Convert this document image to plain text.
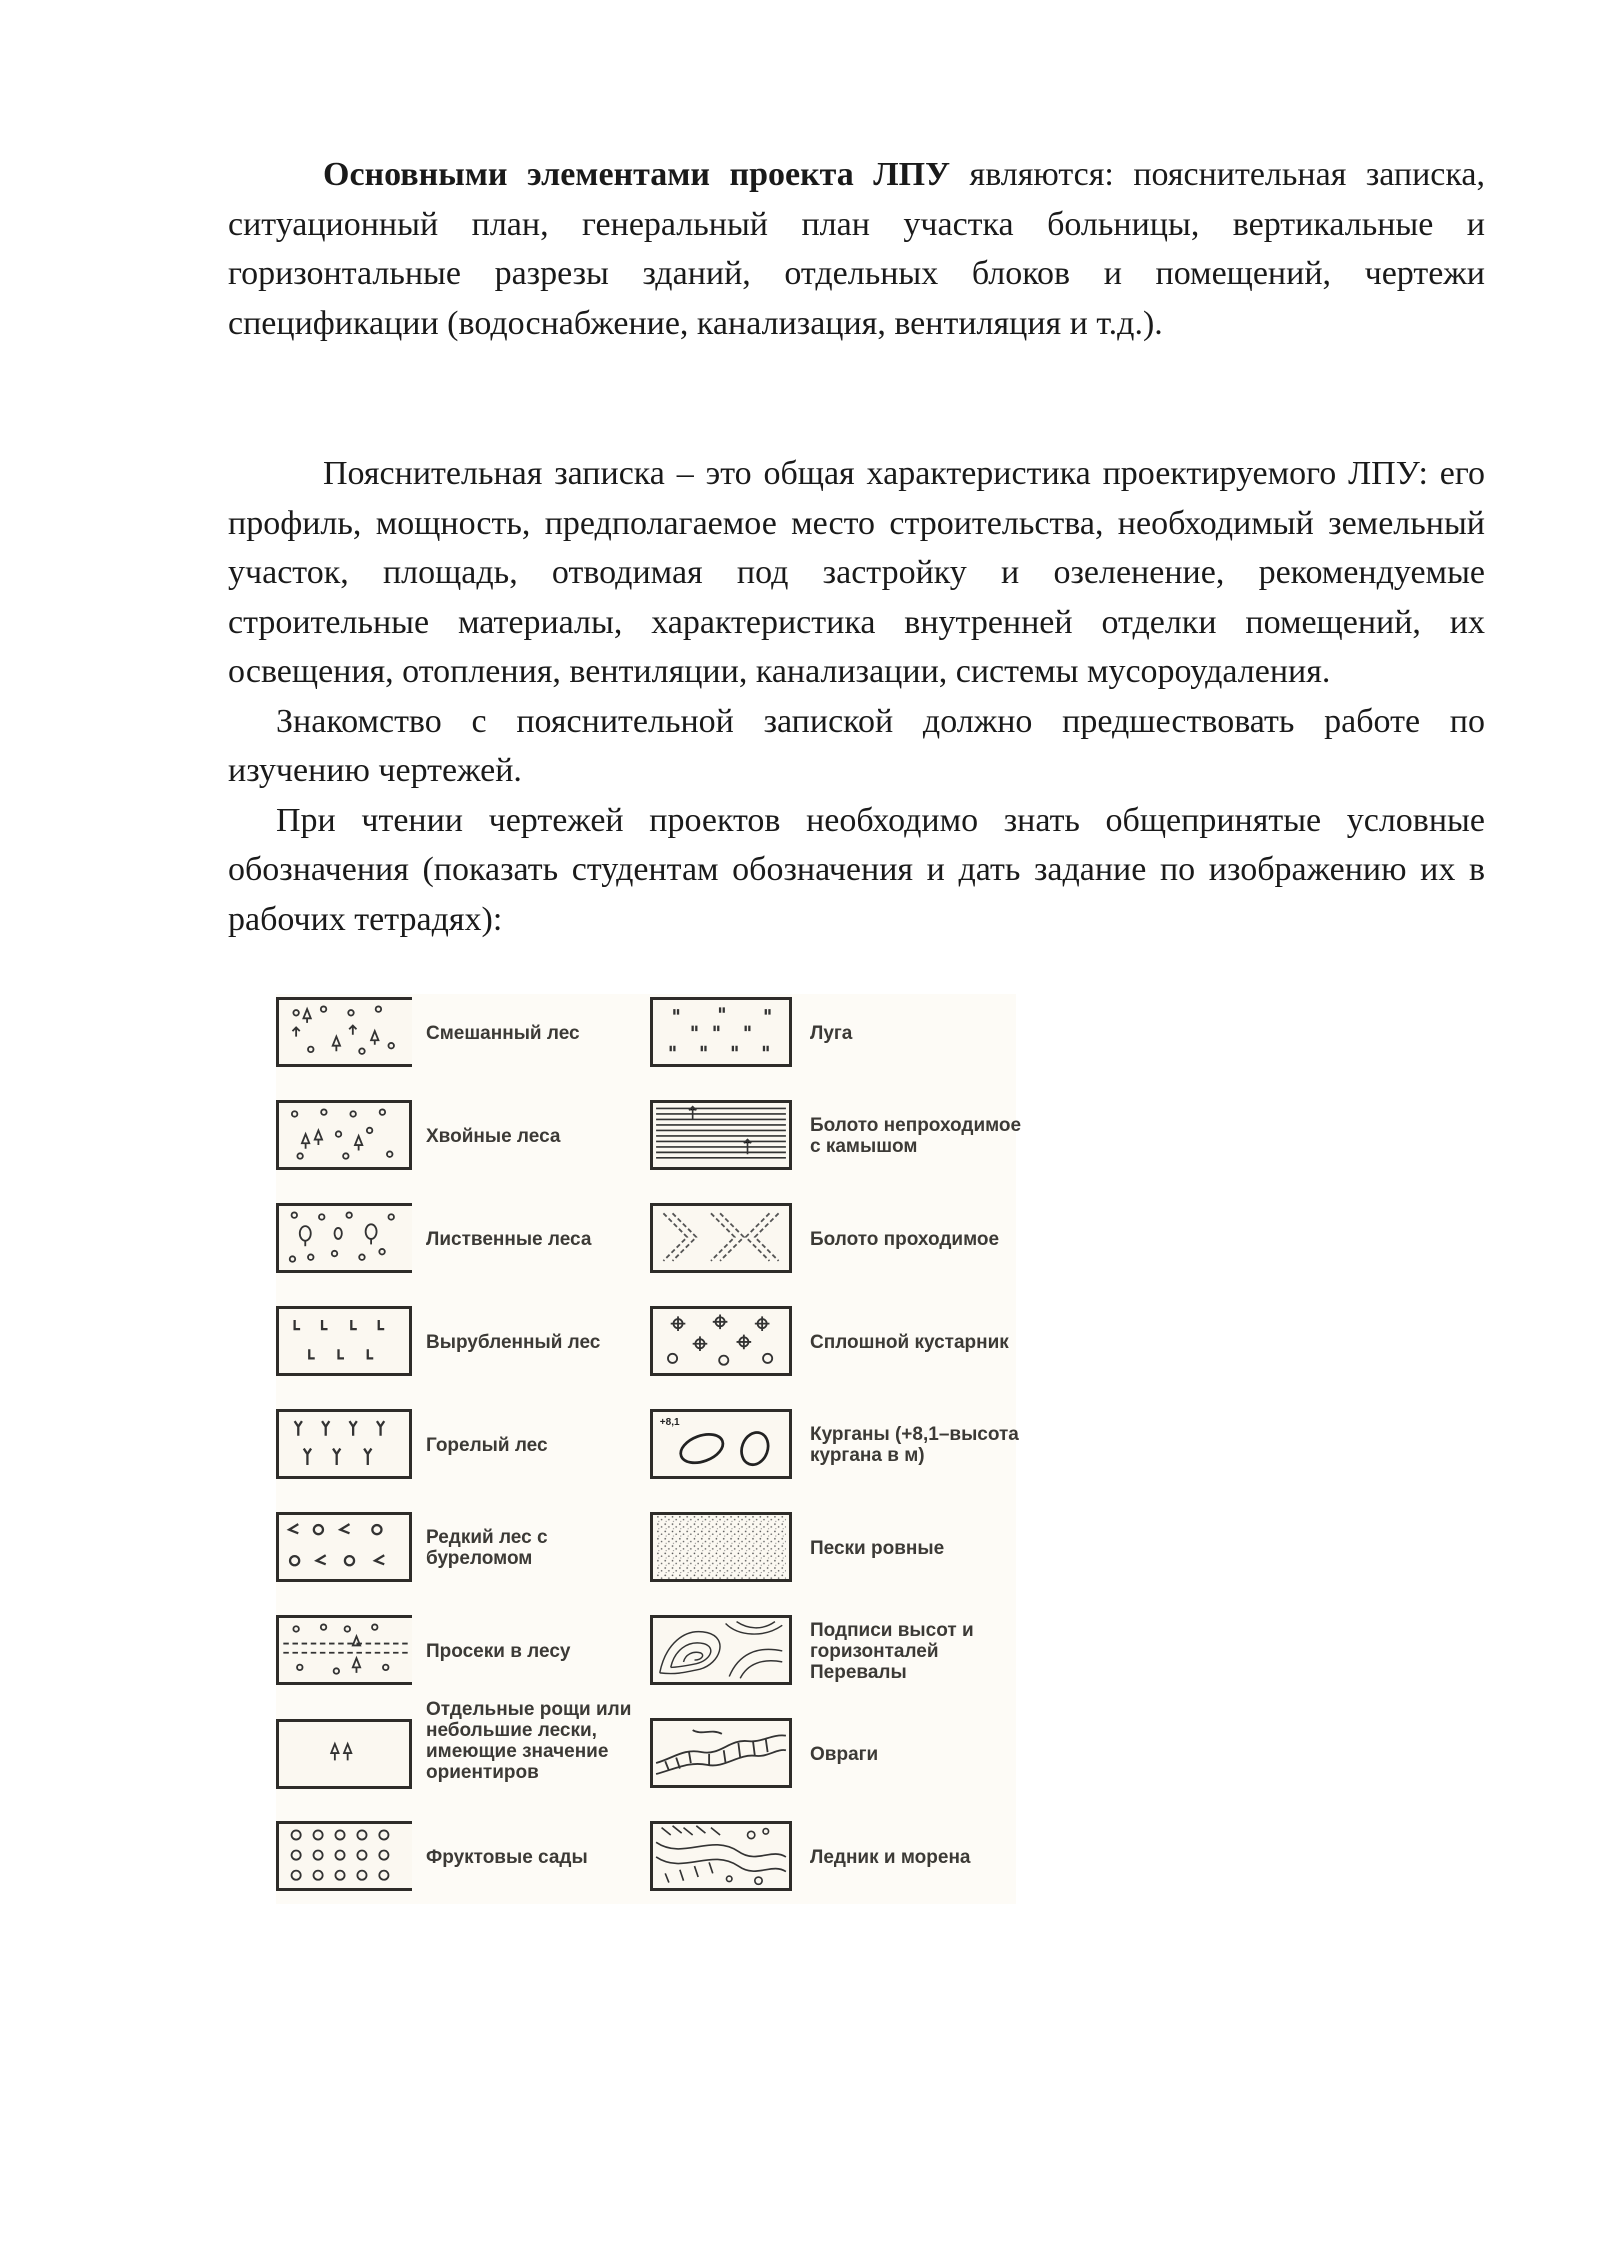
Основными элементами проекта ЛПУ являются: пояснительная записка, ситуационный план, генеральный план участка больницы, вертикальные и горизонтальные разрезы зданий, отдельных блоков и помещений, чертежи спецификации (водоснабжение, канализация, вентиляция и т.д.).

Пояснительная записка – это общая характеристика проектируемого ЛПУ: его профиль, мощность, предполагаемое место строительства, необходимый земельный участок, площадь, отводимая под застройку и озеленение, рекомендуемые строительные материалы, характеристика внутренней отделки помещений, их освещения, отопления, вентиляции, канализации, системы мусороудаления.

Знакомство с пояснительной запиской должно предшествовать работе по изучению чертежей.

При чтении чертежей проектов необходимо знать общепринятые условные обозначения (показать студентам обозначения и дать задание по изображению их в рабочих тетрадях):

Смешанный лес
Хвойные леса
Лиственные леса
Вырубленный лес
Горелый лес
Редкий лес с буреломом
Просеки в лесу
Отдельные рощи или небольшие лески, имеющие значение ориентиров
Фруктовые сады
Луга
Болото непроходимое с камышом
Болото проходимое
Сплошной кустарник
+8,1
Курганы (+8,1–высота кургана в м)
Пески ровные
Подписи высот и горизонталей Перевалы
Овраги
Ледник и морена
